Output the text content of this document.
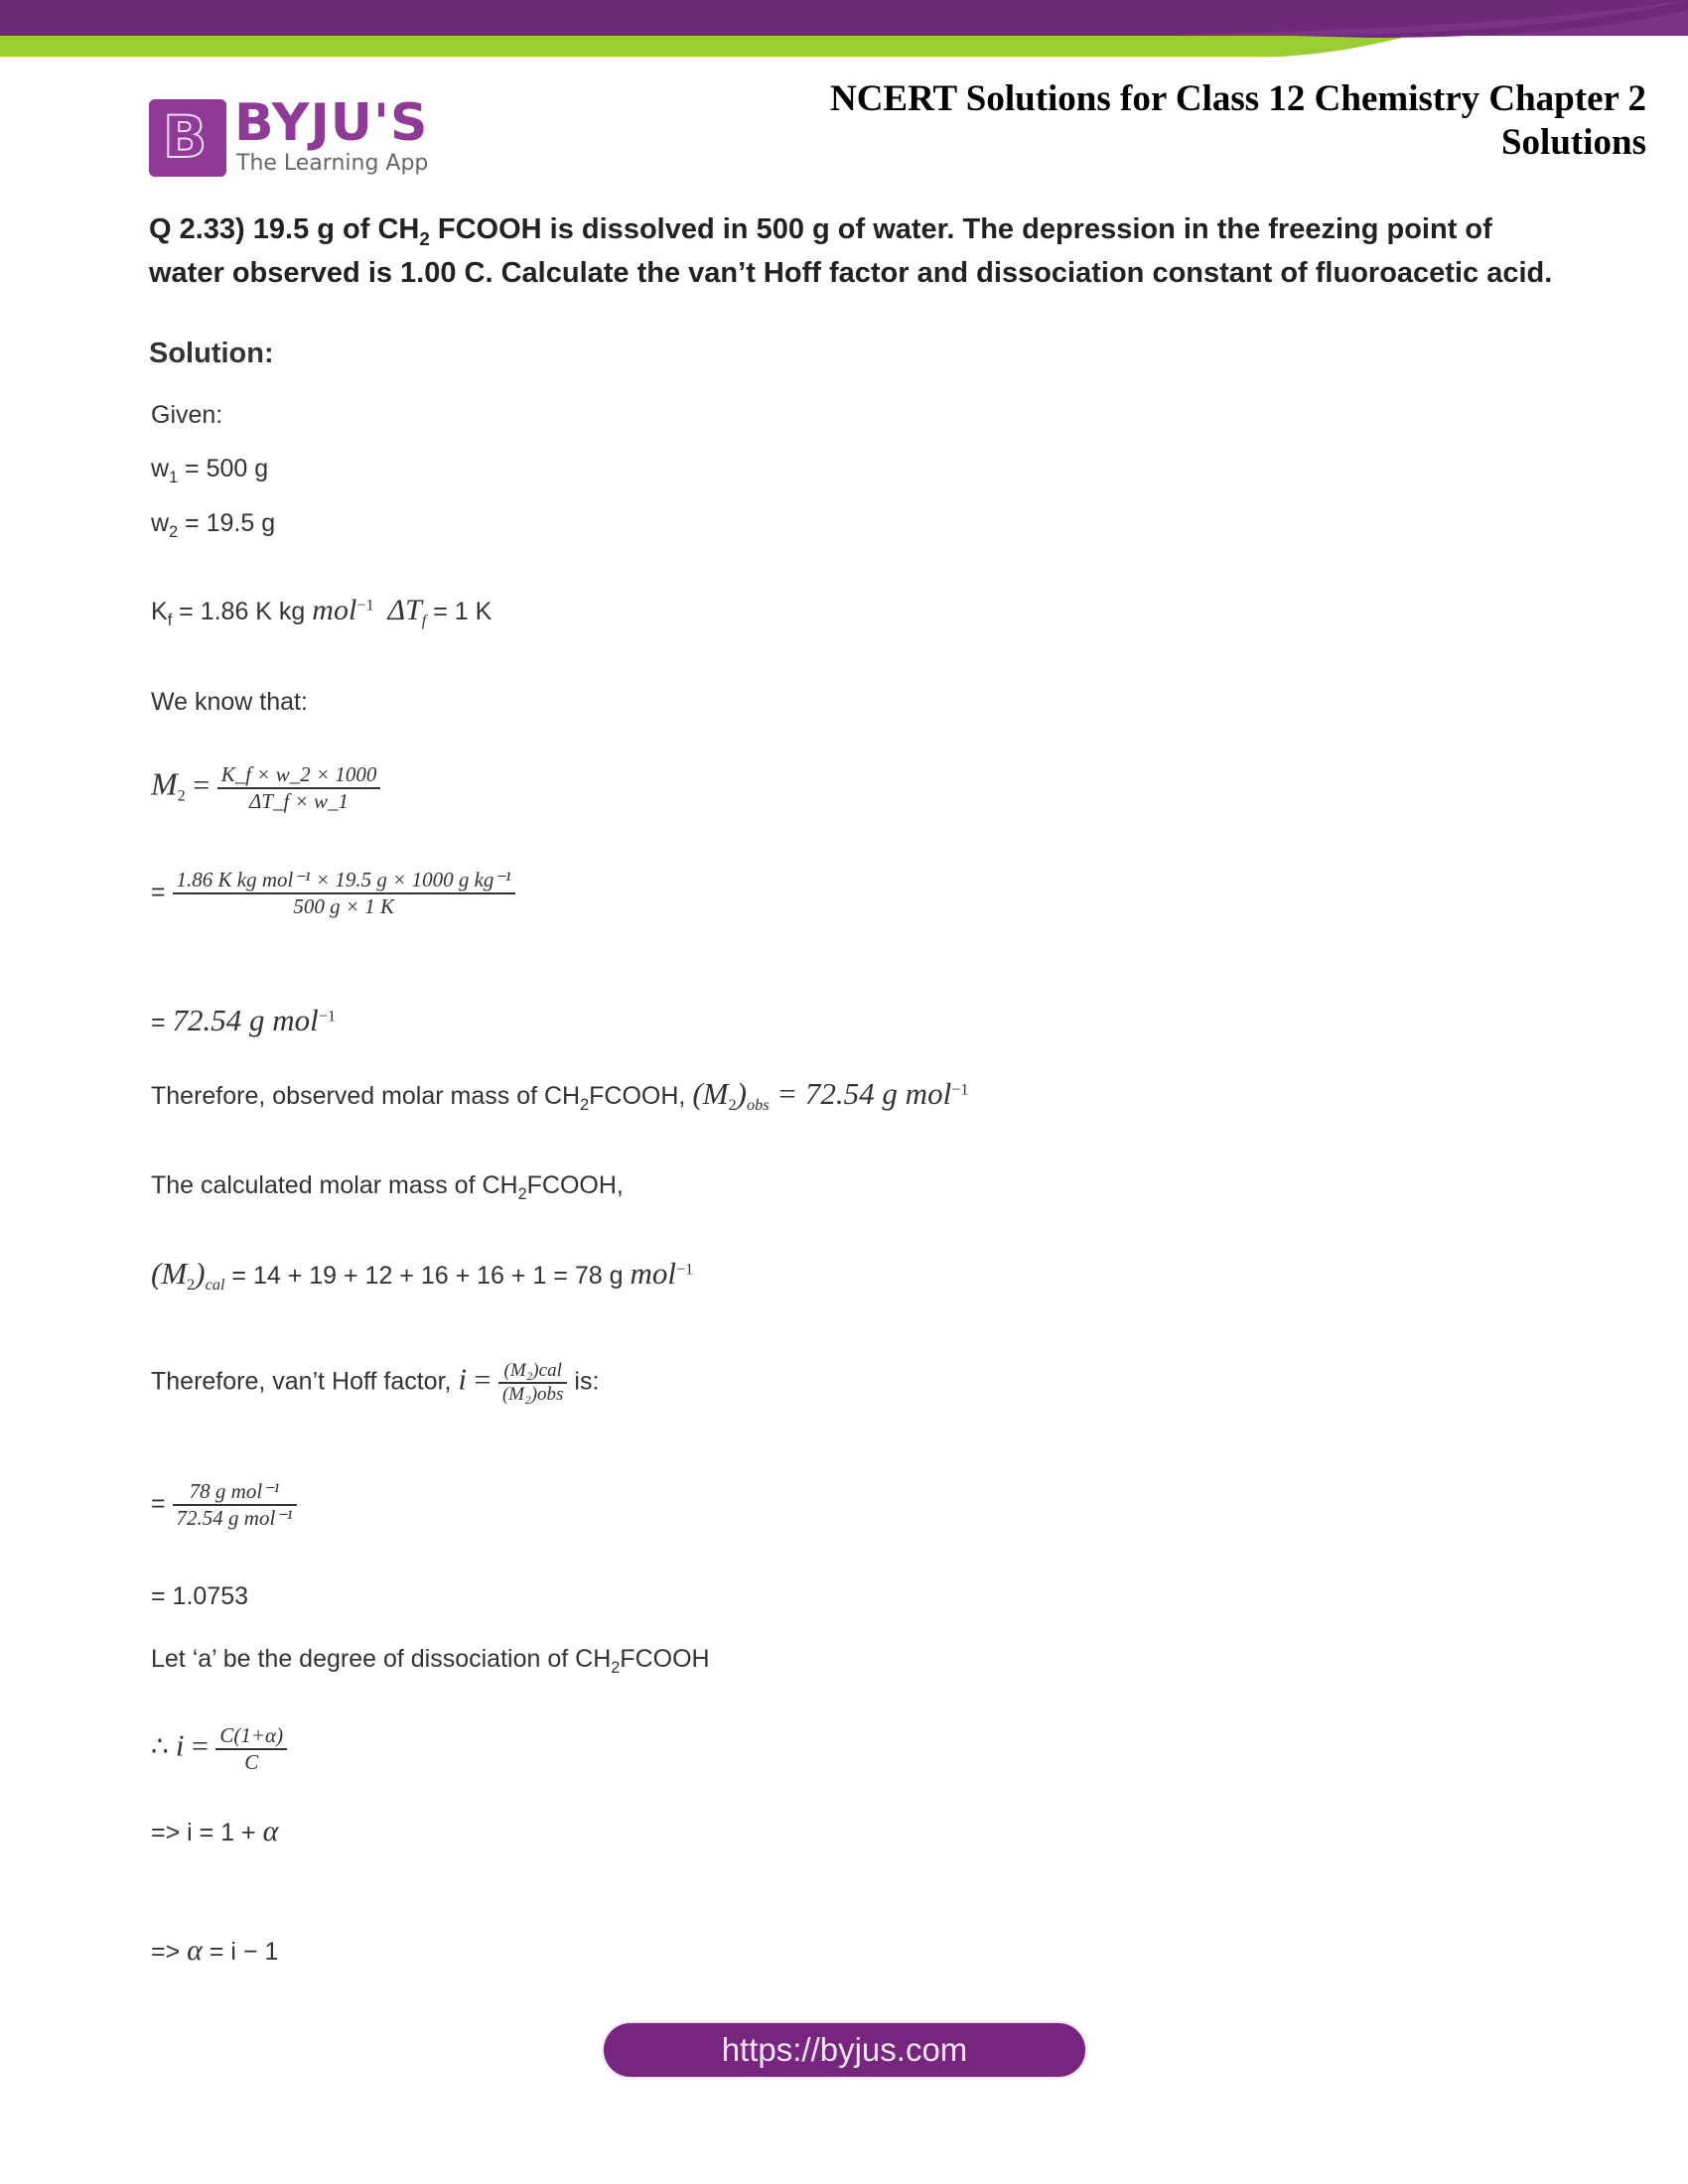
B BYJU'S
The Learning App
NCERT Solutions for Class 12 Chemistry Chapter 2
Solutions
Q 2.33) 19.5 g of $CH_2$ FCOOH is dissolved in 500 g of water. The depression in the freezing point of water observed is 1.00 C. Calculate the van’t Hoff factor and dissociation constant of fluoroacetic acid.
Solution:
Given:
$w_1 = 500$ g
$w_2 = 19.5$ g
$K_f = 1.86$ K kg mol$^{-1}$ $\Delta T_f = 1$ K
We know that:
$M_2 = \frac{K\_f \times w\_2 \times 1000}{\Delta T\_f \times w\_1}$
= $\frac{\text{1.86 K kg mol⁻¹ × 19.5 g × 1000 g kg⁻¹}}{500 g \times 1 K}$
= 72.54 g mol$^{-1}$
Therefore, observed molar mass of $CH_2FCOOH$, $(M_2)_{obs} = 72.54$ g mol$^{-1}$
The calculated molar mass of $CH_2FCOOH$,
$(M_2)_{cal} = 14 + 19 + 12 + 16 + 16 + 1 = 78$ g mol$^{-1}$
Therefore, van’t Hoff factor, $i = \frac{\text{(M₂)cal}}{\text{(M₂)obs}}$ is:
= $\frac{\text{78 g mol⁻¹}}{\text{72.54 g mol⁻¹}}$
= 1.0753
Let ‘a’ be the degree of dissociation of $CH_2FCOOH$
∴ $i = \frac{C(1+\alpha)}{C}$
=> i = 1 + α
=> α = i − 1
https://byjus.com
